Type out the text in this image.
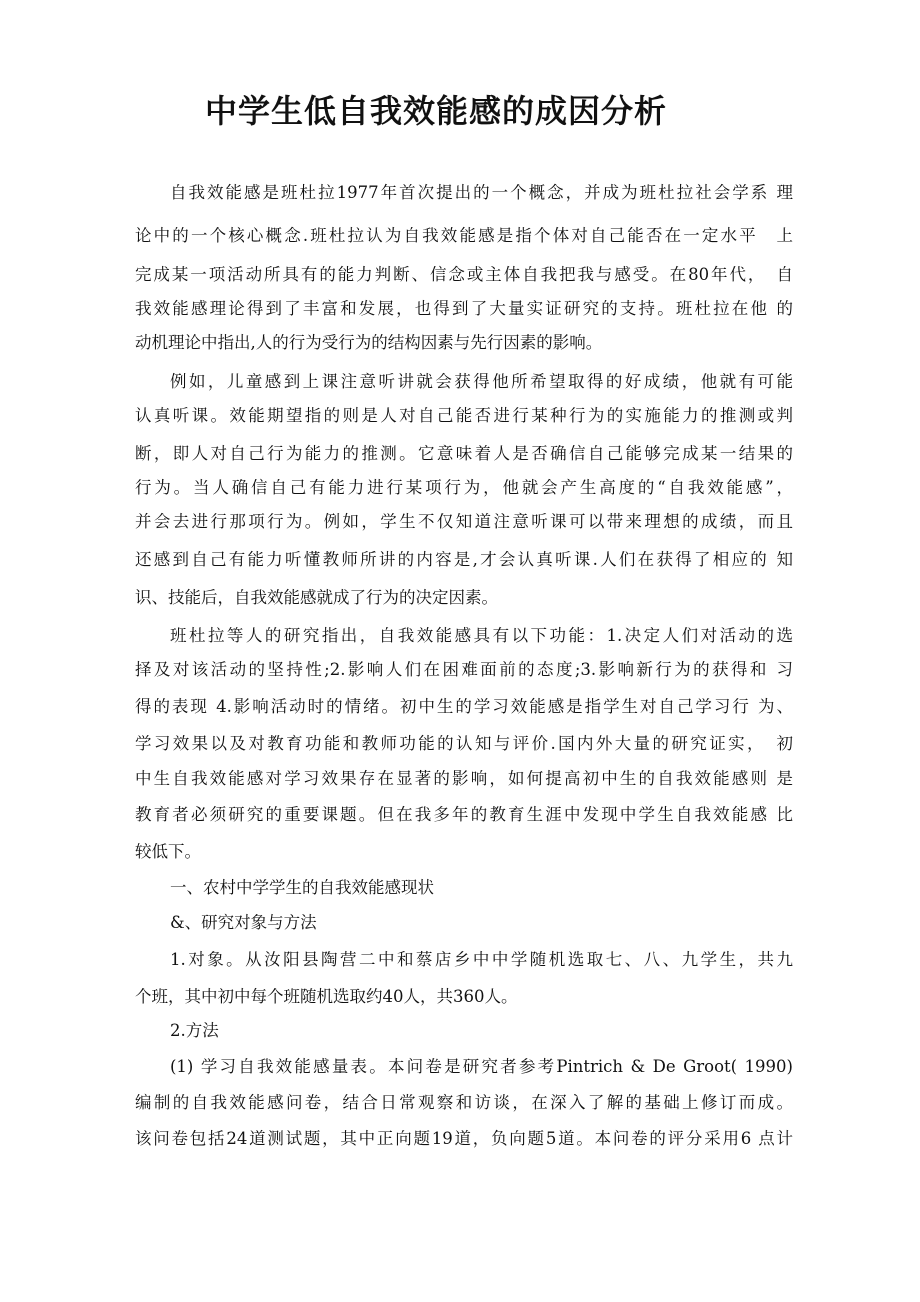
中学生低自我效能感的成因分析
自我效能感是班杜拉1977年首次提出的一个概念，并成为班杜拉社会学系 理
论中的一个核心概念.班杜拉认为自我效能感是指个体对自己能否在一定水平　上
完成某一项活动所具有的能力判断、信念或主体自我把我与感受。在80年代，　自
我效能感理论得到了丰富和发展，也得到了大量实证研究的支持。班杜拉在他 的
动机理论中指出,人的行为受行为的结构因素与先行因素的影响。
例如，儿童感到上课注意听讲就会获得他所希望取得的好成绩，他就有可能
认真听课。效能期望指的则是人对自己能否进行某种行为的实施能力的推测或判
断，即人对自己行为能力的推测。它意味着人是否确信自己能够完成某一结果的
行为。当人确信自己有能力进行某项行为，他就会产生高度的“自我效能感”，
并会去进行那项行为。例如，学生不仅知道注意听课可以带来理想的成绩，而且
还感到自己有能力听懂教师所讲的内容是,才会认真听课.人们在获得了相应的 知
识、技能后，自我效能感就成了行为的决定因素。
班杜拉等人的研究指出，自我效能感具有以下功能：1.决定人们对活动的选
择及对该活动的坚持性;2.影响人们在困难面前的态度;3.影响新行为的获得和 习
得的表现 4.影响活动时的情绪。初中生的学习效能感是指学生对自己学习行 为、
学习效果以及对教育功能和教师功能的认知与评价.国内外大量的研究证实，　初
中生自我效能感对学习效果存在显著的影响，如何提高初中生的自我效能感则 是
教育者必须研究的重要课题。但在我多年的教育生涯中发现中学生自我效能感 比
较低下。
一、农村中学学生的自我效能感现状
&、研究对象与方法
1.对象。从汝阳县陶营二中和蔡店乡中中学随机选取七、八、九学生，共九
个班，其中初中每个班随机选取约40人，共360人。
2.方法
(1) 学习自我效能感量表。本问卷是研究者参考Pintrich & De Groot( 1990)
编制的自我效能感问卷，结合日常观察和访谈，在深入了解的基础上修订而成。
该问卷包括24道测试题，其中正向题19道，负向题5道。本问卷的评分采用6 点计
